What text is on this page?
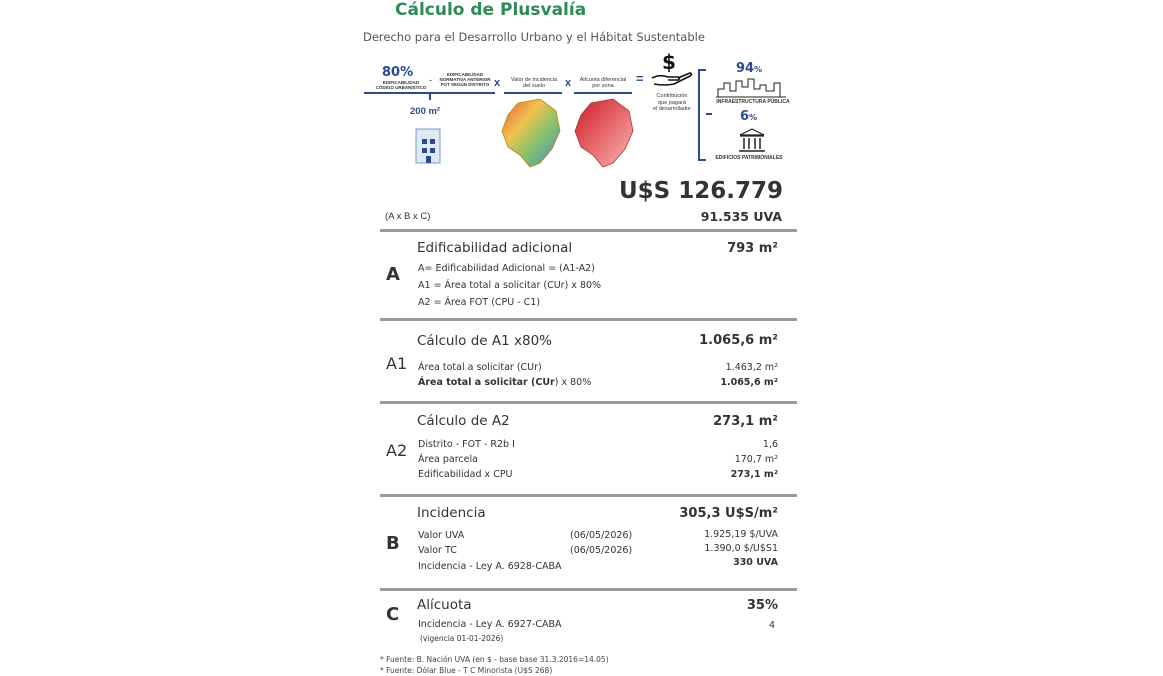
Cálculo de Plusvalía
Derecho para el Desarrollo Urbano y el Hábitat Sustentable
80%
EDIFICABILIDAD
CÓDIGO URBANÍSTICO
-
EDIFICABILIDAD
NORMATIVA ANTERIOR
FOT SEGÚN DISTRITO x	Valor de incidencia
del suelo	x	Alícuota diferencial
por zona	=
$
Contribución
que pagará
el desarrollador
200 m²
94%
INFRAESTRUCTURA PÚBLICA
6%
EDIFICIOS PATRIMONIALES
U$S 126.779
(A x B x C)	91.535 UVA
A
Edificabilidad adicional	793 m²
A= Edificabilidad Adicional = (A1-A2)
A1 = Área total a solicitar (CUr) x 80%
A2 = Área FOT (CPU - C1)
A1
Cálculo de A1 x80%	1.065,6 m²
Área total a solicitar (CUr)	1.463,2 m²
Área total a solicitar (CUr) x 80%	1.065,6 m²
A2
Cálculo de A2	273,1 m²
Distrito - FOT - R2b I	1,6
Área parcela	170,7 m²
Edificabilidad x CPU	273,1 m²
B
Incidencia	305,3 U$S/m²
Valor UVA	(06/05/2026)	1.925,19 $/UVA
Valor TC	(06/05/2026)	1.390,0 $/U$S1
Incidencia - Ley A. 6928-CABA	330 UVA
C Alícuota	35%
Incidencia - Ley A. 6927-CABA	4
(vigencia 01-01-2026)
* Fuente: B. Nación UVA (en $ - base base 31.3.2016=14.05)
* Fuente: Dólar Blue - T C Minorista (U$S 268)
